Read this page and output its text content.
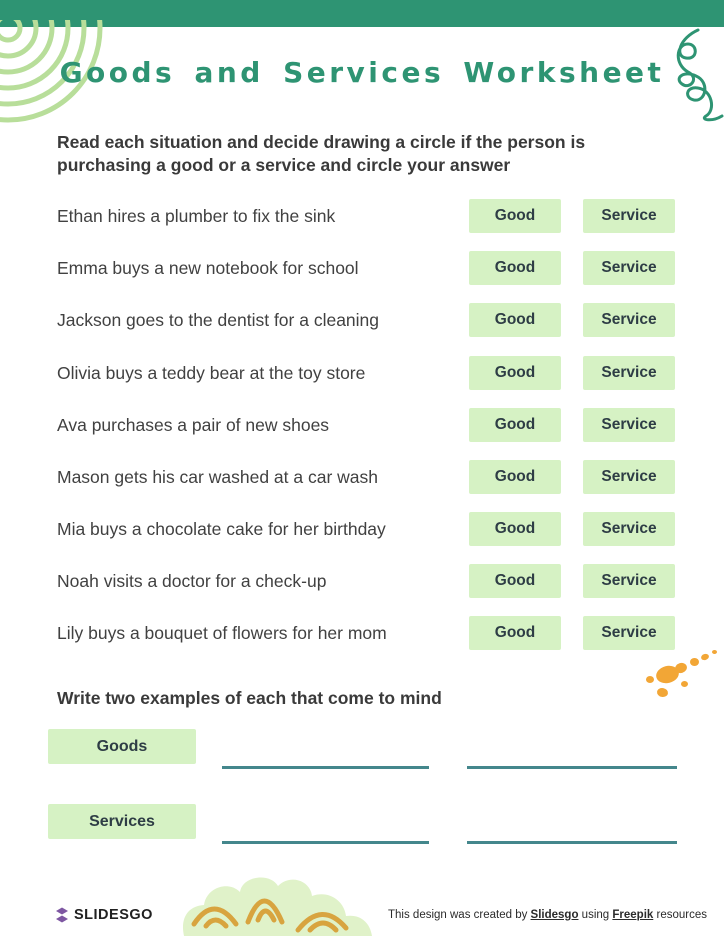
Goods and Services Worksheet
Read each situation and decide drawing a circle if the person is purchasing a good or a service and circle your answer
Ethan hires a plumber to fix the sink	Good	Service
Emma buys a new notebook for school	Good	Service
Jackson goes to the dentist for a cleaning	Good	Service
Olivia buys a teddy bear at the toy store	Good	Service
Ava purchases a pair of new shoes	Good	Service
Mason gets his car washed at a car wash	Good	Service
Mia buys a chocolate cake for her birthday	Good	Service
Noah visits a doctor for a check-up	Good	Service
Lily buys a bouquet of flowers for her mom	Good	Service
Write two examples of each that come to mind
Goods
Services
SLIDESGO	This design was created by Slidesgo using Freepik resources
